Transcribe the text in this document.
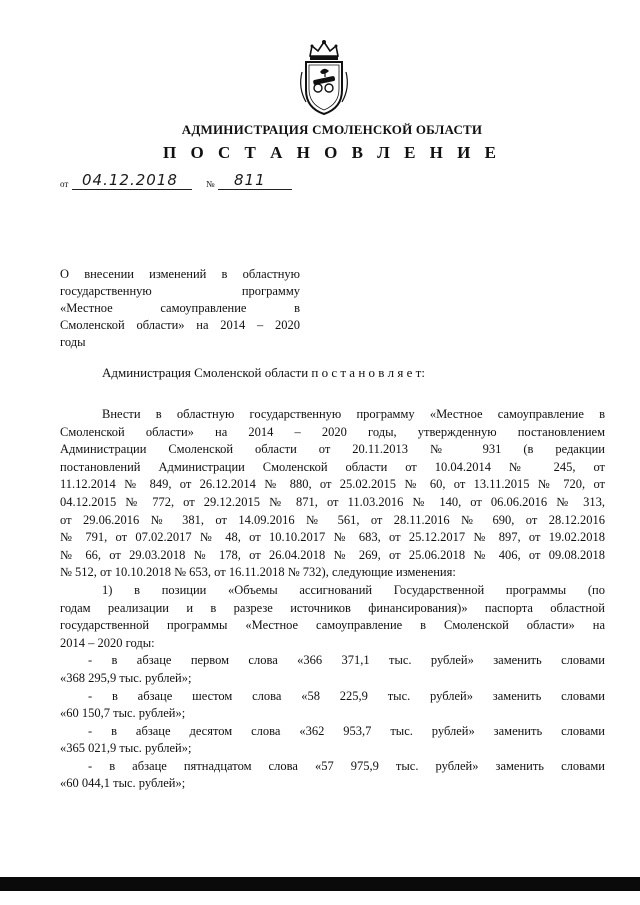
АДМИНИСТРАЦИЯ СМОЛЕНСКОЙ ОБЛАСТИ
П О С Т А Н О В Л Е Н И Е
от 04.12.2018	№ 811
О внесении изменений в областную
государственную программу
«Местное самоуправление в
Смоленской области» на 2014 – 2020
годы
Администрация Смоленской области п о с т а н о в л я е т:
Внести в областную государственную программу «Местное самоуправление в
Смоленской области» на 2014 – 2020 годы, утвержденную постановлением
Администрации Смоленской области от 20.11.2013 № 931 (в редакции
постановлений Администрации Смоленской области от 10.04.2014 № 245, от
11.12.2014 № 849, от 26.12.2014 № 880, от 25.02.2015 № 60, от 13.11.2015 № 720, от
04.12.2015 № 772, от 29.12.2015 № 871, от 11.03.2016 № 140, от 06.06.2016 № 313,
от 29.06.2016 № 381, от 14.09.2016 № 561, от 28.11.2016 № 690, от 28.12.2016
№ 791, от 07.02.2017 № 48, от 10.10.2017 № 683, от 25.12.2017 № 897, от 19.02.2018
№ 66, от 29.03.2018 № 178, от 26.04.2018 № 269, от 25.06.2018 № 406, от 09.08.2018
№ 512, от 10.10.2018 № 653, от 16.11.2018 № 732), следующие изменения:
1) в позиции «Объемы ассигнований Государственной программы (по
годам реализации и в разрезе источников финансирования)» паспорта областной
государственной программы «Местное самоуправление в Смоленской области» на
2014 – 2020 годы:
- в абзаце первом слова «366 371,1 тыс. рублей» заменить словами
«368 295,9 тыс. рублей»;
- в абзаце шестом слова «58 225,9 тыс. рублей» заменить словами
«60 150,7 тыс. рублей»;
- в абзаце десятом слова «362 953,7 тыс. рублей» заменить словами
«365 021,9 тыс. рублей»;
- в абзаце пятнадцатом слова «57 975,9 тыс. рублей» заменить словами
«60 044,1 тыс. рублей»;
